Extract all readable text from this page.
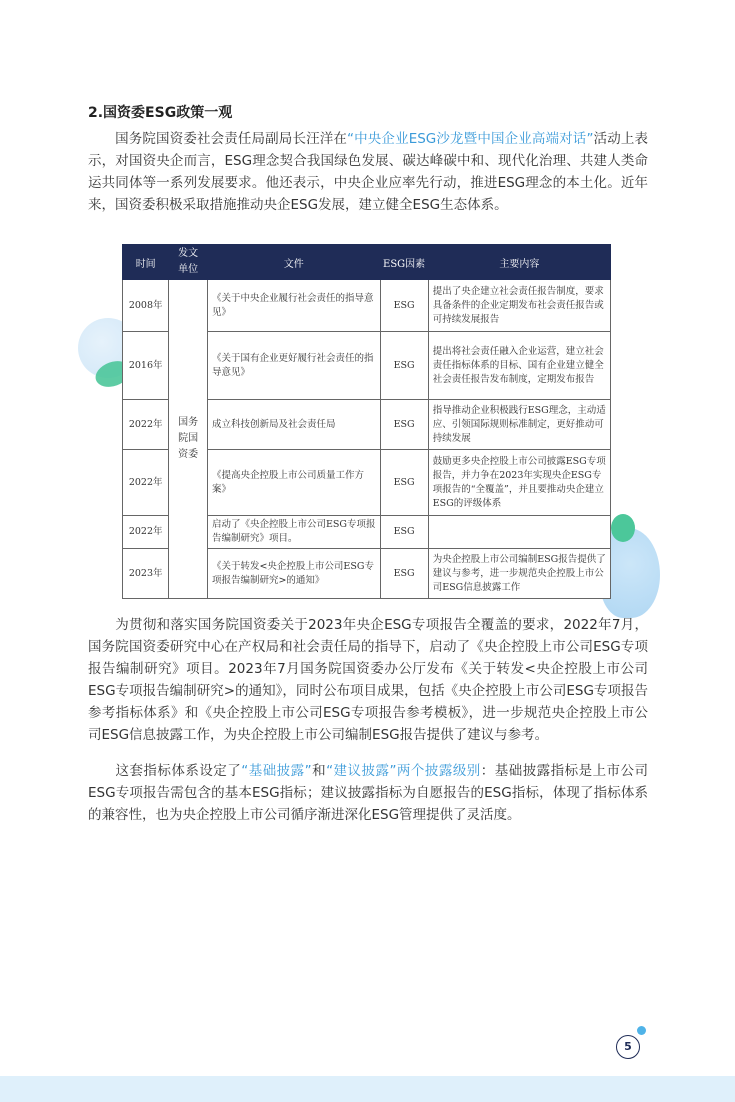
2.国资委ESG政策一观
国务院国资委社会责任局副局长汪洋在“中央企业ESG沙龙暨中国企业高端对话”活动上表示，对国资央企而言，ESG理念契合我国绿色发展、碳达峰碳中和、现代化治理、共建人类命运共同体等一系列发展要求。他还表示，中央企业应率先行动，推进ESG理念的本土化。近年来，国资委积极采取措施推动央企ESG发展，建立健全ESG生态体系。
时间	发文单位	文件	ESG因素	主要内容
2008年	国务院国资委	《关于中央企业履行社会责任的指导意见》	ESG	提出了央企建立社会责任报告制度，要求具备条件的企业定期发布社会责任报告或可持续发展报告
2016年		《关于国有企业更好履行社会责任的指导意见》	ESG	提出将社会责任融入企业运营，建立社会责任指标体系的目标、国有企业建立健全社会责任报告发布制度，定期发布报告
2022年		成立科技创新局及社会责任局	ESG	指导推动企业积极践行ESG理念，主动适应、引领国际规则标准制定，更好推动可持续发展
2022年		《提高央企控股上市公司质量工作方案》	ESG	鼓励更多央企控股上市公司披露ESG专项报告，并力争在2023年实现央企ESG专项报告的“全覆盖”，并且要推动央企建立ESG的评级体系
2022年		启动了《央企控股上市公司ESG专项报告编制研究》项目。	ESG	
2023年		《关于转发<央企控股上市公司ESG专项报告编制研究>的通知》	ESG	为央企控股上市公司编制ESG报告提供了建议与参考，进一步规范央企控股上市公司ESG信息披露工作
为贯彻和落实国务院国资委关于2023年央企ESG专项报告全覆盖的要求，2022年7月，国务院国资委研究中心在产权局和社会责任局的指导下，启动了《央企控股上市公司ESG专项报告编制研究》项目。2023年7月国务院国资委办公厅发布《关于转发<央企控股上市公司ESG专项报告编制研究>的通知》，同时公布项目成果，包括《央企控股上市公司ESG专项报告参考指标体系》和《央企控股上市公司ESG专项报告参考模板》，进一步规范央企控股上市公司ESG信息披露工作，为央企控股上市公司编制ESG报告提供了建议与参考。
这套指标体系设定了“基础披露”和“建议披露”两个披露级别：基础披露指标是上市公司ESG专项报告需包含的基本ESG指标；建议披露指标为自愿报告的ESG指标，体现了指标体系的兼容性，也为央企控股上市公司循序渐进深化ESG管理提供了灵活度。
5
